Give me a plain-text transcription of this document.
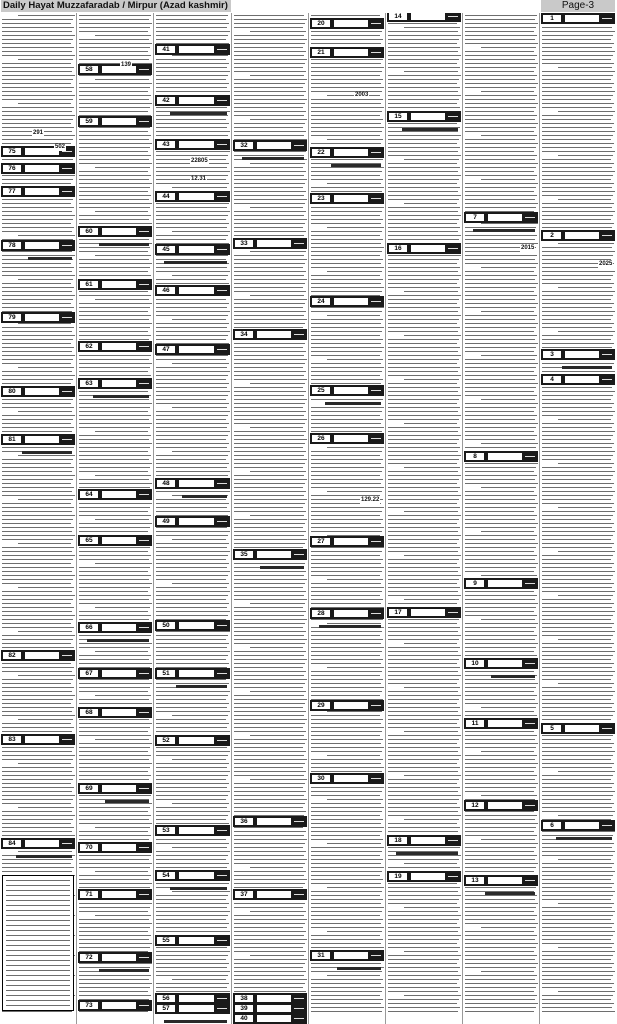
Daily Hayat Muzzafaradab / Mirpur (Azad kashmir)	Page-3
75
76
77
78
79
80
81
82
83
84
58
59
60
61
62
63
64
65
66
67
68
69
70
71
72
73
41
42
43
44
45
46
47
48
49
50
51
52
53
54
55
56
57
32
33
34
35
36
37
38
39
40
20
21
22
23
24
25
26
27
28
29
30
31
14
15
16
17
18
19
7
8
9
10
11
12
13
1
2
3
4
5
6
291
502
139
22805
12.31
2003
129.22
2015
2025
